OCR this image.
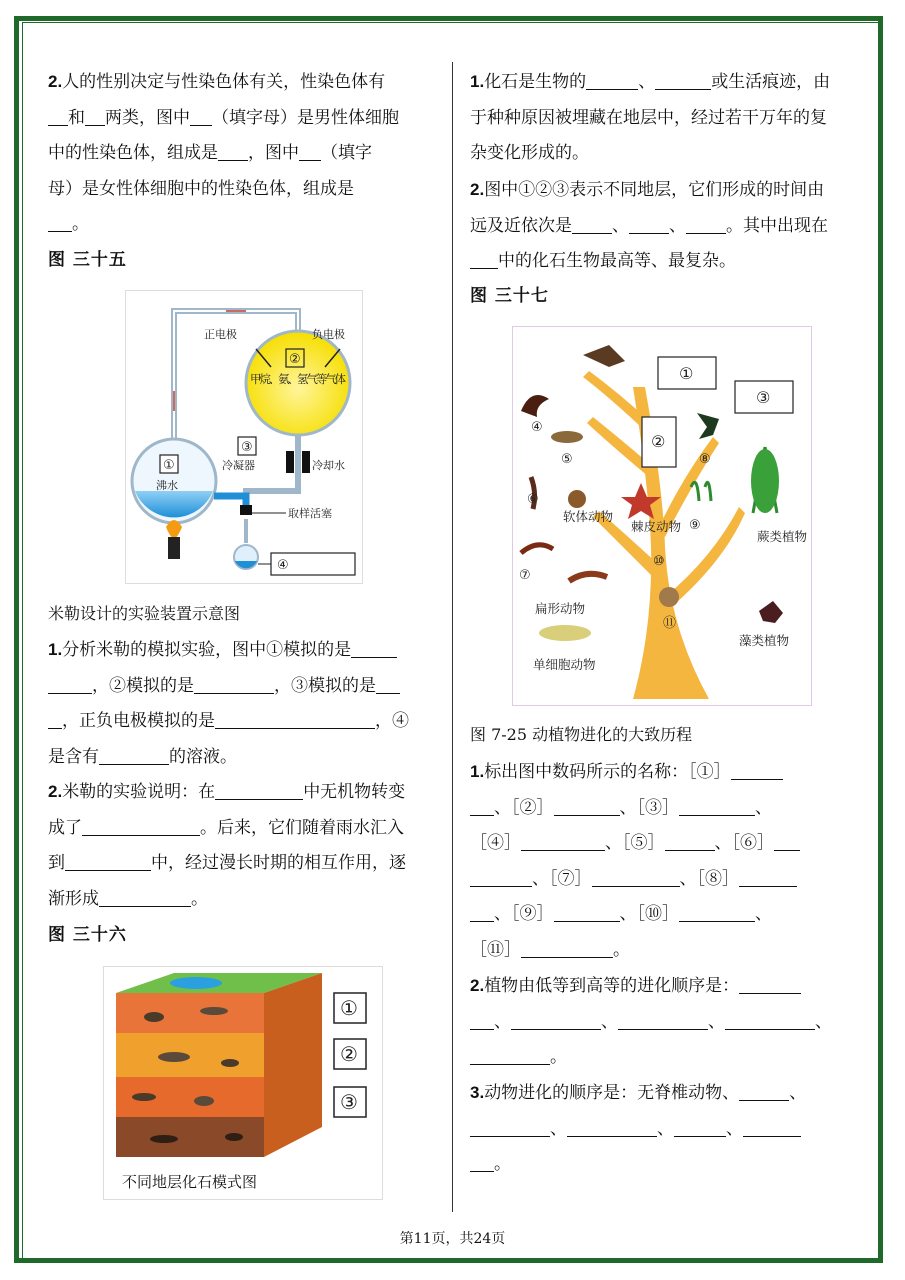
2.人的性别决定与性染色体有关，性染色体有

和 两类，图中 （填字母）是男性体细胞

中的性染色体，组成是 ，图中 （填字

母）是女性体细胞中的性染色体，组成是

。

图 三十五
正电极	负电极
②
甲烷、氨、氢气等气体
③
冷凝器	冷却水
①
沸水
取样活塞
④
米勒设计的实验装置示意图

1.分析米勒的模拟实验，图中①模拟的是

，②模拟的是	，③模拟的是

，正负电极模拟的是	，④

是含有	的溶液。

2.米勒的实验说明：在	中无机物转变

成了	。后来，它们随着雨水汇入

到	中，经过漫长时期的相互作用，逐

渐形成	。

图 三十六
①
②
③
不同地层化石模式图

1.化石是生物的	、	或生活痕迹，由

于种种原因被埋藏在地层中，经过若干万年的复

杂变化形成的。

2.图中①②③表示不同地层，它们形成的时间由

远及近依次是 、 、 。其中出现在

中的化石生物最高等、最复杂。

图 三十七
①
②
③
④
⑤
⑥
软体动物
棘皮动物
⑩
⑦
扁形动物
⑪
单细胞动物
⑧
蕨类植物
⑨
藻类植物
图 7-25 动植物进化的大致历程

1.标出图中数码所示的名称：［①］

、［②］	、［③］	、

［④］	、［⑤］	、［⑥］

、［⑦］	、［⑧］

、［⑨］	、［⑩］	、

［⑪］	。

2.植物由低等到高等的进化顺序是：

、	、	、	、

。

3.动物进化的顺序是：无脊椎动物、	、

、	、	、

。

第11页，共24页
